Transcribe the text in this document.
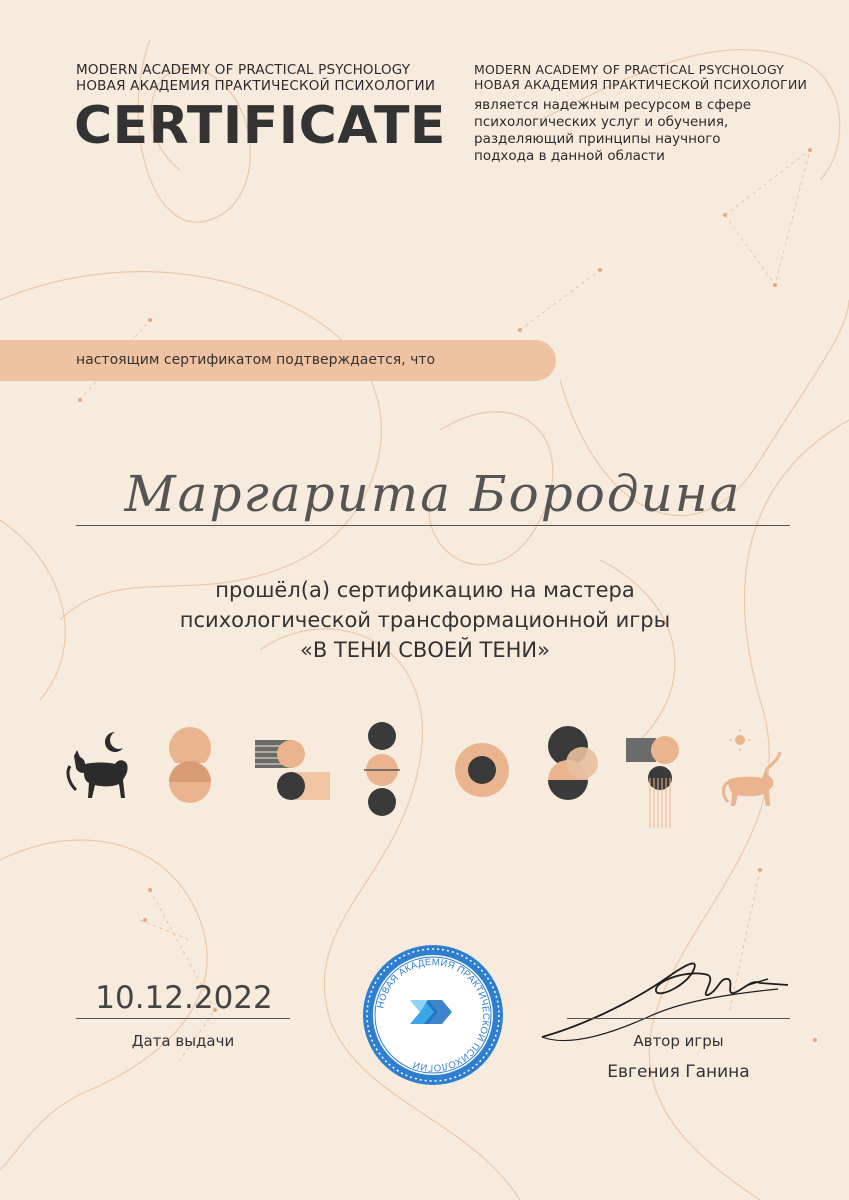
MODERN ACADEMY OF PRACTICAL PSYCHOLOGY
НОВАЯ АКАДЕМИЯ ПРАКТИЧЕСКОЙ ПСИХОЛОГИИ
CERTIFICATE
MODERN ACADEMY OF PRACTICAL PSYCHOLOGY
НОВАЯ АКАДЕМИЯ ПРАКТИЧЕСКОЙ ПСИХОЛОГИИ
является надежным ресурсом в сфере
психологических услуг и обучения,
разделяющий принципы научного
подхода в данной области
настоящим сертификатом подтверждается, что
Маргарита Бородина
прошёл(а) сертификацию на мастера
психологической трансформационной игры
«В ТЕНИ СВОЕЙ ТЕНИ»
10.12.2022
Дата выдачи
НОВАЯ АКАДЕМИЯ ПРАКТИЧЕСКОЙ ПСИХОЛОГИИ
Автор игры
Евгения Ганина
